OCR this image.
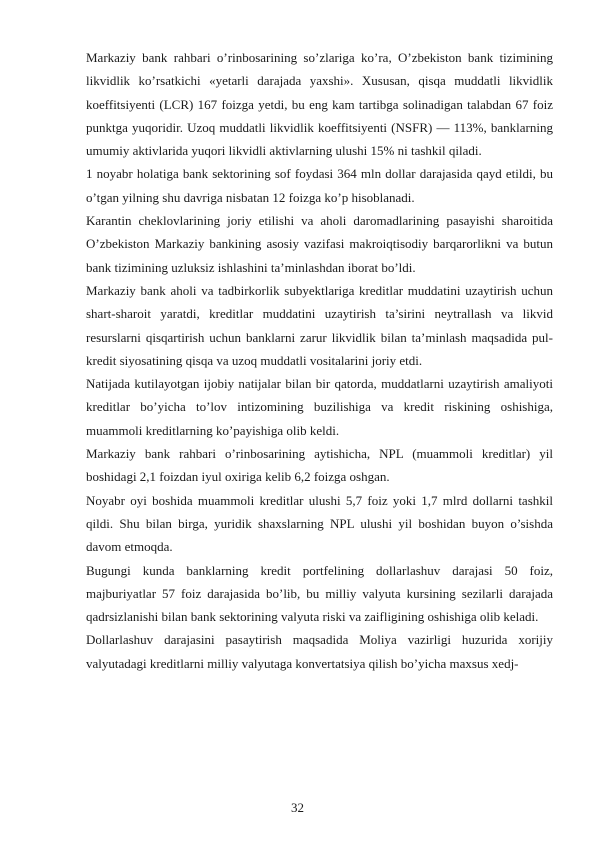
Markaziy bank rahbari o’rinbosarining so’zlariga ko’ra, O’zbekiston bank tizimining likvidlik ko’rsatkichi «yetarli darajada yaxshi». Xususan, qisqa muddatli likvidlik koeffitsiyenti (LCR) 167 foizga yetdi, bu eng kam tartibga solinadigan talabdan 67 foiz punktga yuqoridir. Uzoq muddatli likvidlik koeffitsiyenti (NSFR) — 113%, banklarning umumiy aktivlarida yuqori likvidli aktivlarning ulushi 15% ni tashkil qiladi.

1 noyabr holatiga bank sektorining sof foydasi 364 mln dollar darajasida qayd etildi, bu o’tgan yilning shu davriga nisbatan 12 foizga ko’p hisoblanadi.

Karantin cheklovlarining joriy etilishi va aholi daromadlarining pasayishi sharoitida O’zbekiston Markaziy bankining asosiy vazifasi makroiqtisodiy barqarorlikni va butun bank tizimining uzluksiz ishlashini ta’minlashdan iborat bo’ldi.

Markaziy bank aholi va tadbirkorlik subyektlariga kreditlar muddatini uzaytirish uchun shart-sharoit yaratdi, kreditlar muddatini uzaytirish ta’sirini neytrallash va likvid resurslarni qisqartirish uchun banklarni zarur likvidlik bilan ta’minlash maqsadida pul-kredit siyosatining qisqa va uzoq muddatli vositalarini joriy etdi.

Natijada kutilayotgan ijobiy natijalar bilan bir qatorda, muddatlarni uzaytirish amaliyoti kreditlar bo’yicha to’lov intizomining buzilishiga va kredit riskining oshishiga, muammoli kreditlarning ko’payishiga olib keldi.

Markaziy bank rahbari o’rinbosarining aytishicha, NPL (muammoli kreditlar) yil boshidagi 2,1 foizdan iyul oxiriga kelib 6,2 foizga oshgan.

Noyabr oyi boshida muammoli kreditlar ulushi 5,7 foiz yoki 1,7 mlrd dollarni tashkil qildi. Shu bilan birga, yuridik shaxslarning NPL ulushi yil boshidan buyon o’sishda davom etmoqda.

Bugungi kunda banklarning kredit portfelining dollarlashuv darajasi 50 foiz, majburiyatlar 57 foiz darajasida bo’lib, bu milliy valyuta kursining sezilarli darajada qadrsizlanishi bilan bank sektorining valyuta riski va zaifligining oshishiga olib keladi.

Dollarlashuv darajasini pasaytirish maqsadida Moliya vazirligi huzurida xorijiy valyutadagi kreditlarni milliy valyutaga konvertatsiya qilish bo’yicha maxsus xedj-

32
